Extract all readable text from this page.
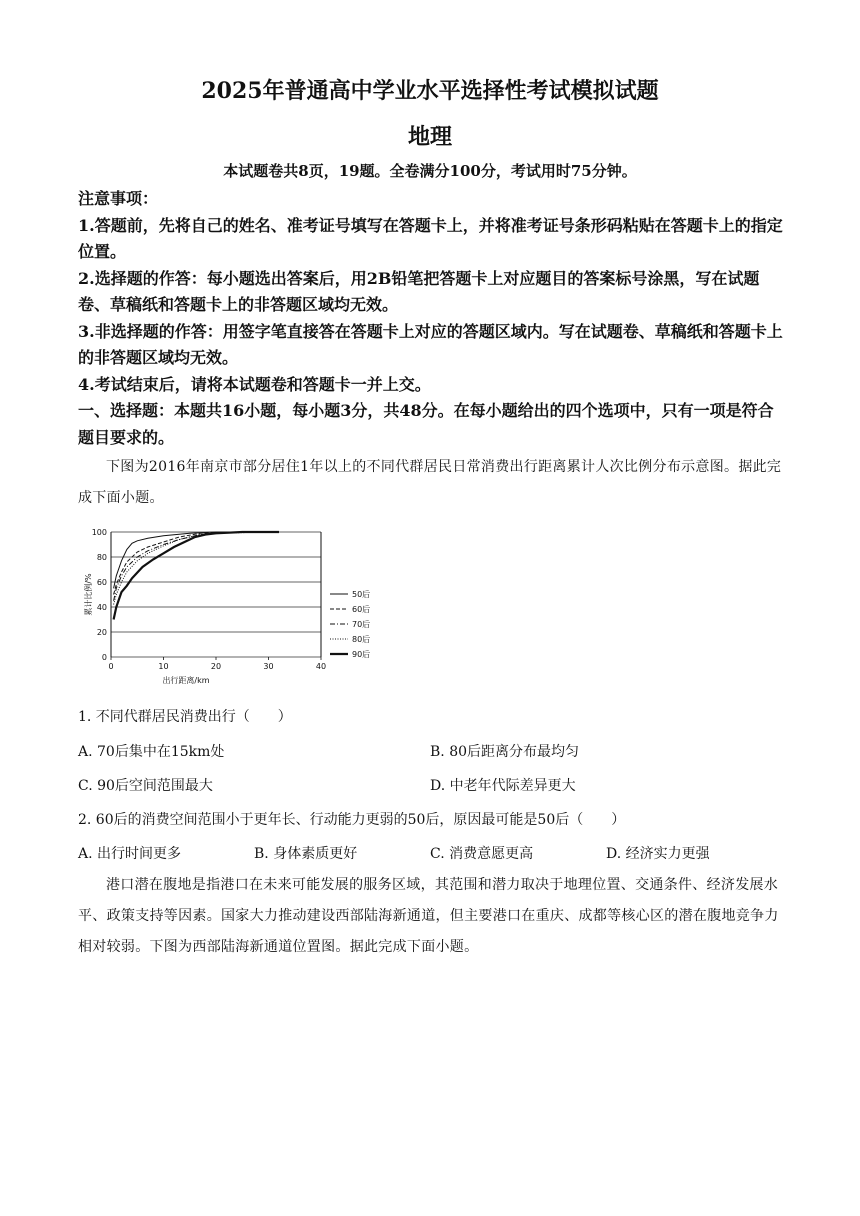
2025年普通高中学业水平选择性考试模拟试题
地理
本试题卷共8页，19题。全卷满分100分，考试用时75分钟。
注意事项：
1.答题前，先将自己的姓名、准考证号填写在答题卡上，并将准考证号条形码粘贴在答题卡上的指定位置。
2.选择题的作答：每小题选出答案后，用2B铅笔把答题卡上对应题目的答案标号涂黑，写在试题卷、草稿纸和答题卡上的非答题区域均无效。
3.非选择题的作答：用签字笔直接答在答题卡上对应的答题区域内。写在试题卷、草稿纸和答题卡上的非答题区域均无效。
4.考试结束后，请将本试题卷和答题卡一并上交。
一、选择题：本题共16小题，每小题3分，共48分。在每小题给出的四个选项中，只有一项是符合题目要求的。
下图为2016年南京市部分居住1年以上的不同代群居民日常消费出行距离累计人次比例分布示意图。据此完成下面小题。
0
20
40
60
80
100
0	10	20	30	40
出行距离/km
累计比例/%	50后
60后
70后
80后
90后
1. 不同代群居民消费出行（　　）
A. 70后集中在15km处	B. 80后距离分布最均匀
C. 90后空间范围最大	D. 中老年代际差异更大
2. 60后的消费空间范围小于更年长、行动能力更弱的50后，原因最可能是50后（　　）
A. 出行时间更多	B. 身体素质更好	C. 消费意愿更高	D. 经济实力更强
港口潜在腹地是指港口在未来可能发展的服务区域，其范围和潜力取决于地理位置、交通条件、经济发展水平、政策支持等因素。国家大力推动建设西部陆海新通道，但主要港口在重庆、成都等核心区的潜在腹地竞争力相对较弱。下图为西部陆海新通道位置图。据此完成下面小题。
